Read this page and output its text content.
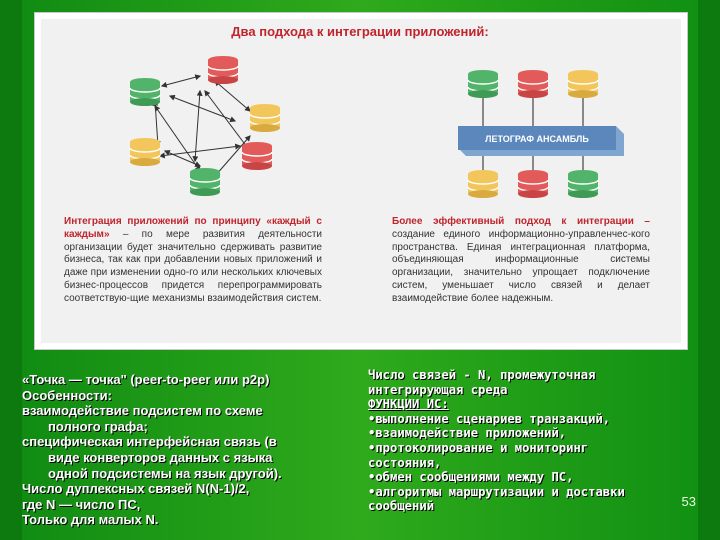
Два подхода к интеграции приложений:
ЛЕТОГРАФ АНСАМБЛЬ
Интеграция приложений по принципу «каждый с каждым» – по мере развития деятельности организации будет значительно сдерживать развитие бизнеса, так как при добавлении новых приложений и даже при изменении одно-го или нескольких ключевых бизнес-процессов придется перепрограммировать соответствую-щие механизмы взаимодействия систем.
Более эффективный подход к интеграции – создание единого информационно-управленчес-кого пространства. Единая интеграционная платформа, объединяющая информационные системы организации, значительно упрощает подключение систем, уменьшает число связей и делает взаимодействие более надежным.
«Точка — точка" (peer-to-peer или p2p)
Особенности:
взаимодействие подсистем по схеме
полного графа;
специфическая интерфейсная связь (в
виде конверторов данных с языка
одной подсистемы на язык другой).
Число дуплексных связей N(N-1)/2,
где N — число ПС,
Только для малых N.
Число связей - N, промежуточная интегрирующая среда
ФУНКЦИИ ИС:
•выполнение сценариев транзакций,
•взаимодействие приложений,
•протоколирование и мониторинг состояния,
•обмен сообщениями между ПС,
•алгоритмы маршрутизации и доставки сообщений	53
